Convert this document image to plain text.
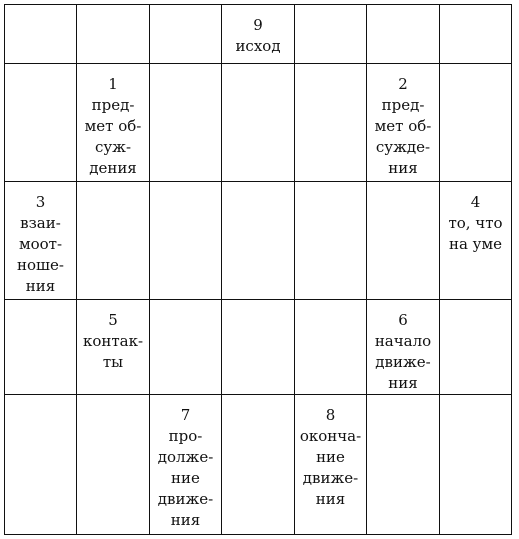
9
исход
1
пред-
мет об-
суж-
дения
2
пред-
мет об-
сужде-
ния
3
взаи-
моот-
ноше-
ния
4
то, что
на уме
5
контак-
ты
6
начало
движе-
ния
7
про-
долже-
ние
движе-
ния
8
оконча-
ние
движе-
ния
